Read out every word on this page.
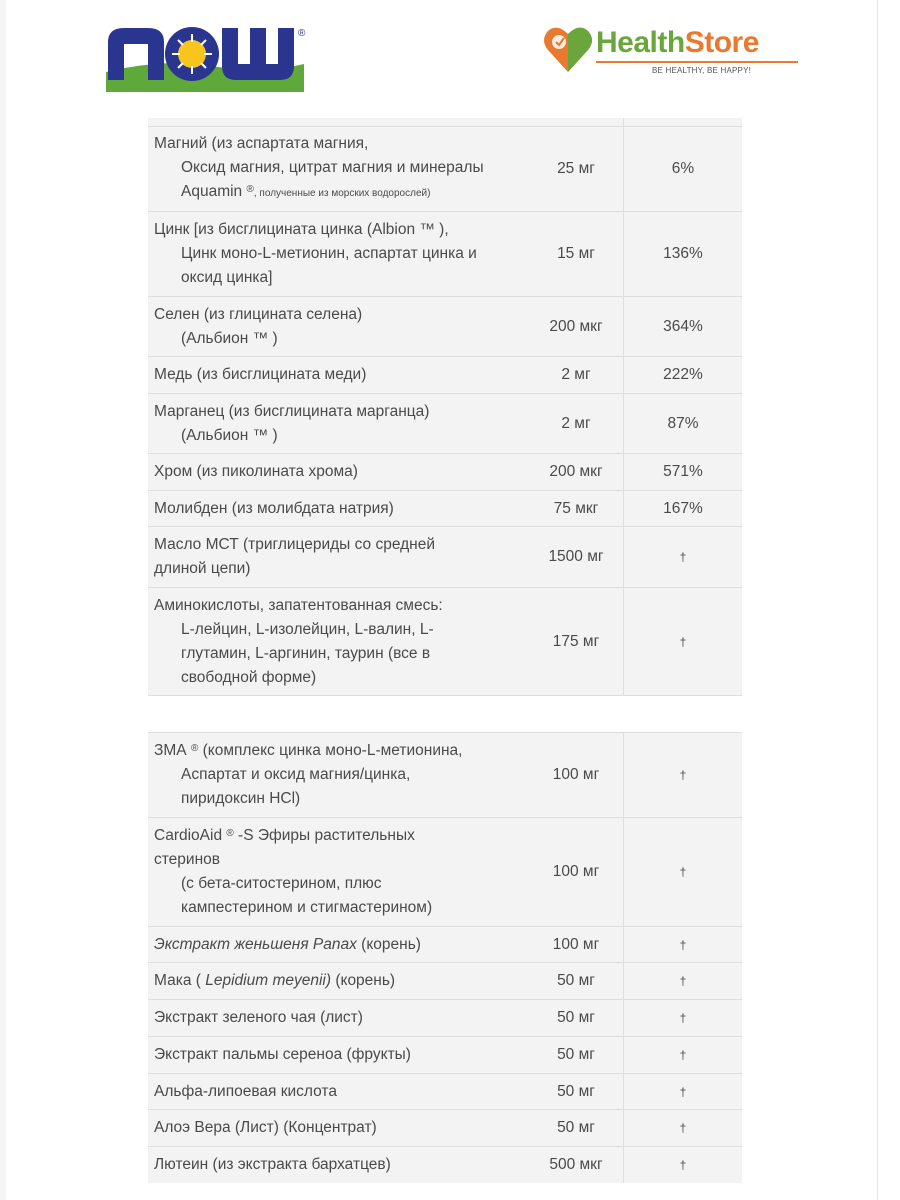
®	HealthStore
BE HEALTHY, BE HAPPY!
Магний (из аспартата магния,
Оксид магния, цитрат магния и минералы
Aquamin ®, полученные из морских водорослей)
25 мг	6%
Цинк [из бисглицината цинка (Albion ™ ),
Цинк моно-L-метионин, аспартат цинка и
оксид цинка]
15 мг	136%
Селен (из глицината селена)
(Альбион ™ )
200 мкг	364%
Медь (из бисглицината меди)	2 мг	222%
Марганец (из бисглицината марганца)
(Альбион ™ )
2 мг	87%
Хром (из пиколината хрома)	200 мкг	571%
Молибден (из молибдата натрия)	75 мкг	167%
Масло МСТ (триглицериды со средней
длиной цепи)
1500 мг	†
Аминокислоты, запатентованная смесь:
L-лейцин, L-изолейцин, L-валин, L-
глутамин, L-аргинин, таурин (все в
свободной форме)
175 мг	†
ЗМА ® (комплекс цинка моно-L-метионина,
Аспартат и оксид магния/цинка,
пиридоксин HCl)
100 мг	†
CardioAid ® -S Эфиры растительных
стеринов
(с бета-ситостерином, плюс
кампестерином и стигмастерином)
100 мг	†
Экстракт женьшеня Panax (корень)	100 мг	†
Мака ( Lepidium meyenii) (корень)	50 мг	†
Экстракт зеленого чая (лист)	50 мг	†
Экстракт пальмы сереноа (фрукты)	50 мг	†
Альфа-липоевая кислота	50 мг	†
Алоэ Вера (Лист) (Концентрат)	50 мг	†
Лютеин (из экстракта бархатцев)	500 мкг	†
